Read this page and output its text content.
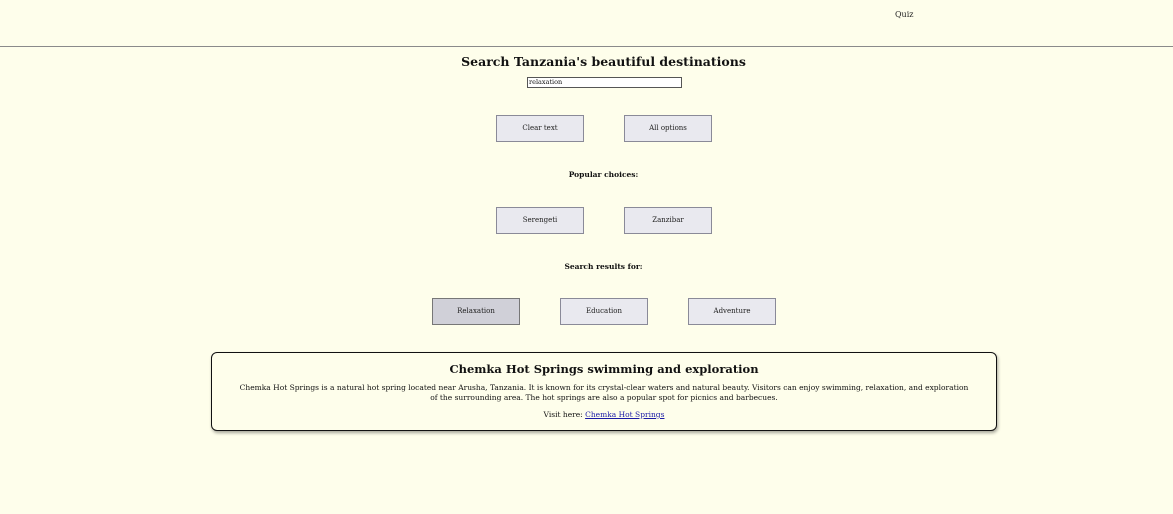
Quiz
Search Tanzania's beautiful destinations
relaxation
Clear text	All options

Popular choices:

Serengeti	Zanzibar

Search results for:

Relaxation	Education	Adventure
Chemka Hot Springs swimming and exploration

Chemka Hot Springs is a natural hot spring located near Arusha, Tanzania. It is known for its crystal-clear waters and natural beauty. Visitors can enjoy swimming, relaxation, and exploration of the surrounding area. The hot springs are also a popular spot for picnics and barbecues.

Visit here: Chemka Hot Springs
